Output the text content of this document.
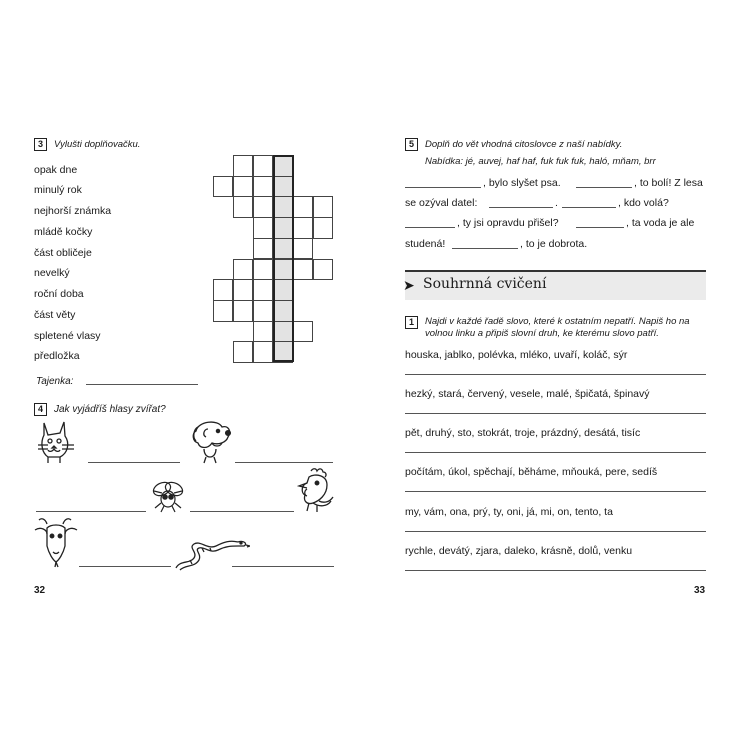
3	Vylušti doplňovačku.
opak dne
minulý rok
nejhorší známka
mládě kočky
část obličeje
nevelký
roční doba
část věty
spletené vlasy
předložka
Tajenka:
4	Jak vyjádříš hlasy zvířat?
32
5	Doplň do vět vhodná citoslovce z naší nabídky.
Nabídka: jé, auvej, haf haf, fuk fuk fuk, haló, mňam, brr
, bylo slyšet psa.	, to bolí! Z lesa
se ozýval datel:	.	, kdo volá?
, ty jsi opravdu přišel?	, ta voda je ale
studená!	, to je dobrota.
➤ Souhrnná cvičení
1	Najdi v každé řadě slovo, které k ostatním nepatří. Napiš ho na
volnou linku a připiš slovní druh, ke kterému slovo patří.
houska, jablko, polévka, mléko, uvaří, koláč, sýr
hezký, stará, červený, vesele, malé, špičatá, špinavý
pět, druhý, sto, stokrát, troje, prázdný, desátá, tisíc
počítám, úkol, spěchají, běháme, mňouká, pere, sedíš
my, vám, ona, prý, ty, oni, já, mi, on, tento, ta
rychle, devátý, zjara, daleko, krásně, dolů, venku
33
